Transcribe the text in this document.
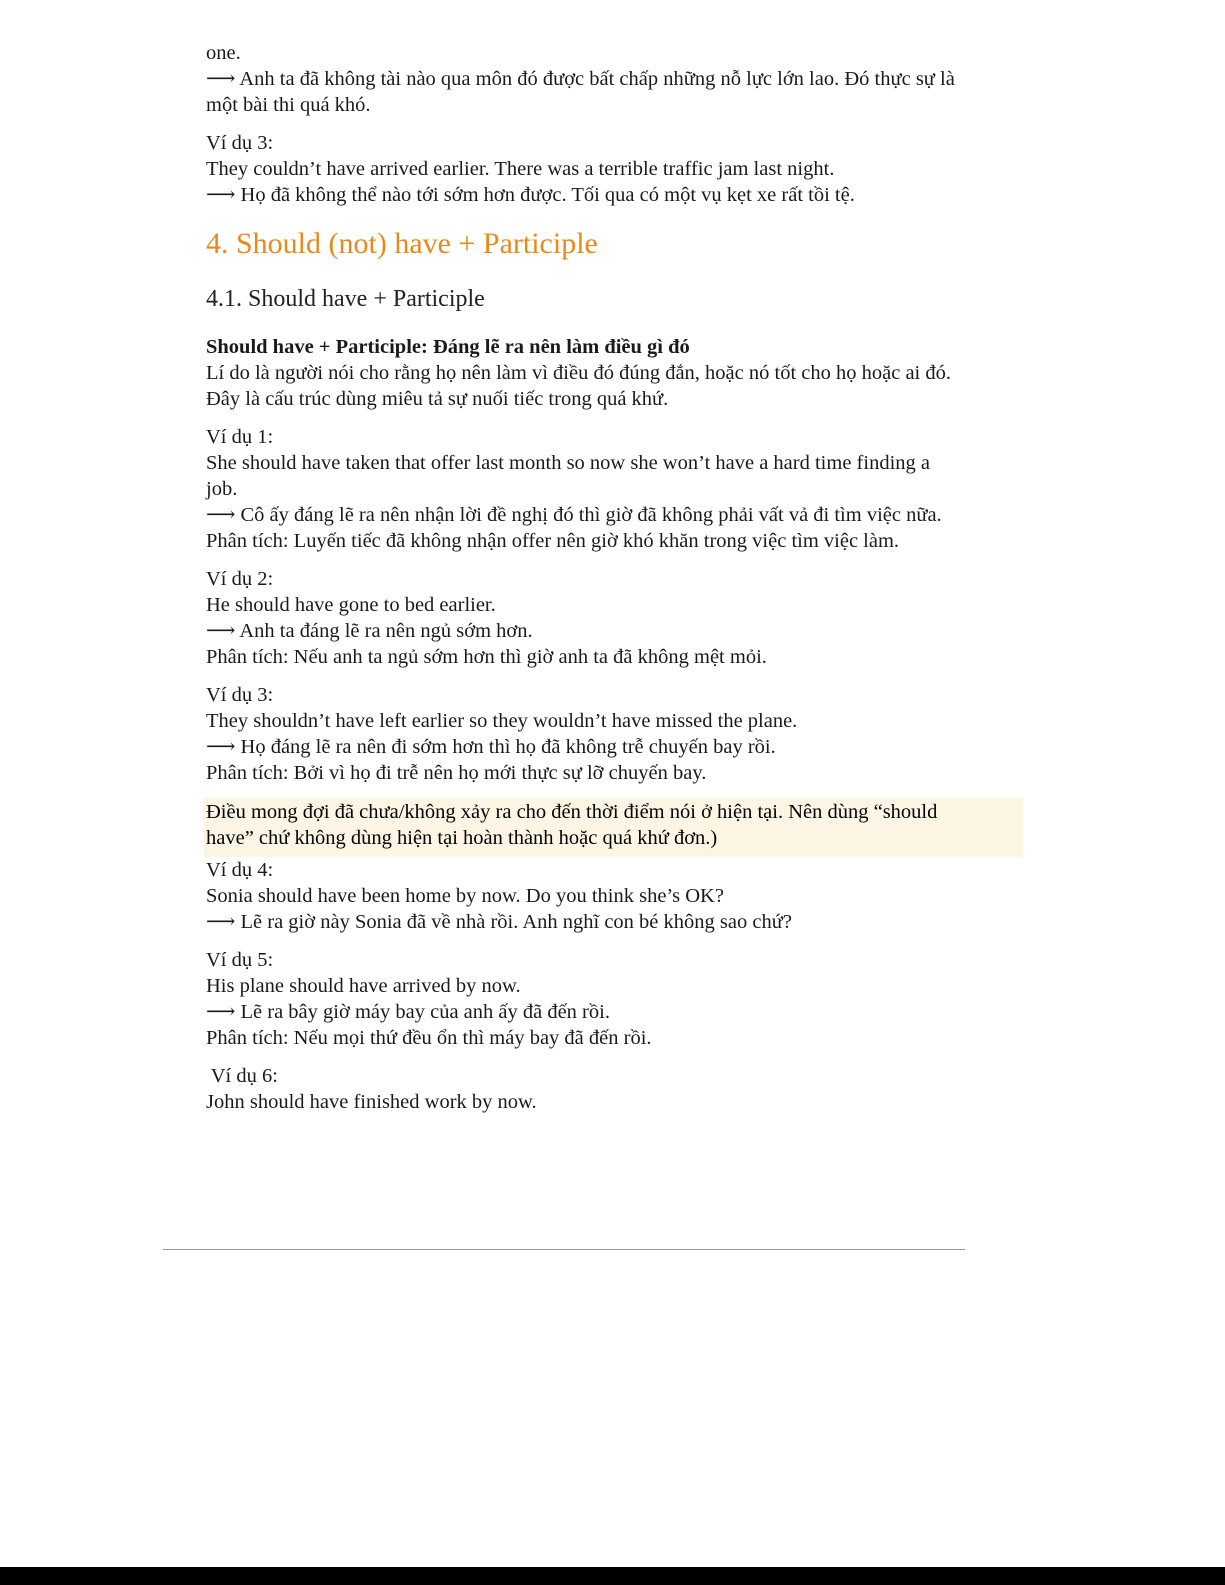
one.

⟶ Anh ta đã không tài nào qua môn đó được bất chấp những nỗ lực lớn lao. Đó thực sự là

một bài thi quá khó.

Ví dụ 3:

They couldn’t have arrived earlier. There was a terrible traffic jam last night.

⟶ Họ đã không thể nào tới sớm hơn được. Tối qua có một vụ kẹt xe rất tồi tệ.

4. Should (not) have + Participle
4.1. Should have + Participle

Should have + Participle: Đáng lẽ ra nên làm điều gì đó

Lí do là người nói cho rằng họ nên làm vì điều đó đúng đắn, hoặc nó tốt cho họ hoặc ai đó.

Đây là cấu trúc dùng miêu tả sự nuối tiếc trong quá khứ.

Ví dụ 1:

She should have taken that offer last month so now she won’t have a hard time finding a

job.

⟶ Cô ấy đáng lẽ ra nên nhận lời đề nghị đó thì giờ đã không phải vất vả đi tìm việc nữa.

Phân tích: Luyến tiếc đã không nhận offer nên giờ khó khăn trong việc tìm việc làm.

Ví dụ 2:

He should have gone to bed earlier.

⟶ Anh ta đáng lẽ ra nên ngủ sớm hơn.

Phân tích: Nếu anh ta ngủ sớm hơn thì giờ anh ta đã không mệt mỏi.

Ví dụ 3:

They shouldn’t have left earlier so they wouldn’t have missed the plane.

⟶ Họ đáng lẽ ra nên đi sớm hơn thì họ đã không trễ chuyến bay rồi.

Phân tích: Bởi vì họ đi trễ nên họ mới thực sự lỡ chuyến bay.

Điều mong đợi đã chưa/không xảy ra cho đến thời điểm nói ở hiện tại. Nên dùng “should

have” chứ không dùng hiện tại hoàn thành hoặc quá khứ đơn.)

Ví dụ 4:

Sonia should have been home by now. Do you think she’s OK?

⟶ Lẽ ra giờ này Sonia đã về nhà rồi. Anh nghĩ con bé không sao chứ?

Ví dụ 5:

His plane should have arrived by now.

⟶ Lẽ ra bây giờ máy bay của anh ấy đã đến rồi.

Phân tích: Nếu mọi thứ đều ổn thì máy bay đã đến rồi.

Ví dụ 6:

John should have finished work by now.
